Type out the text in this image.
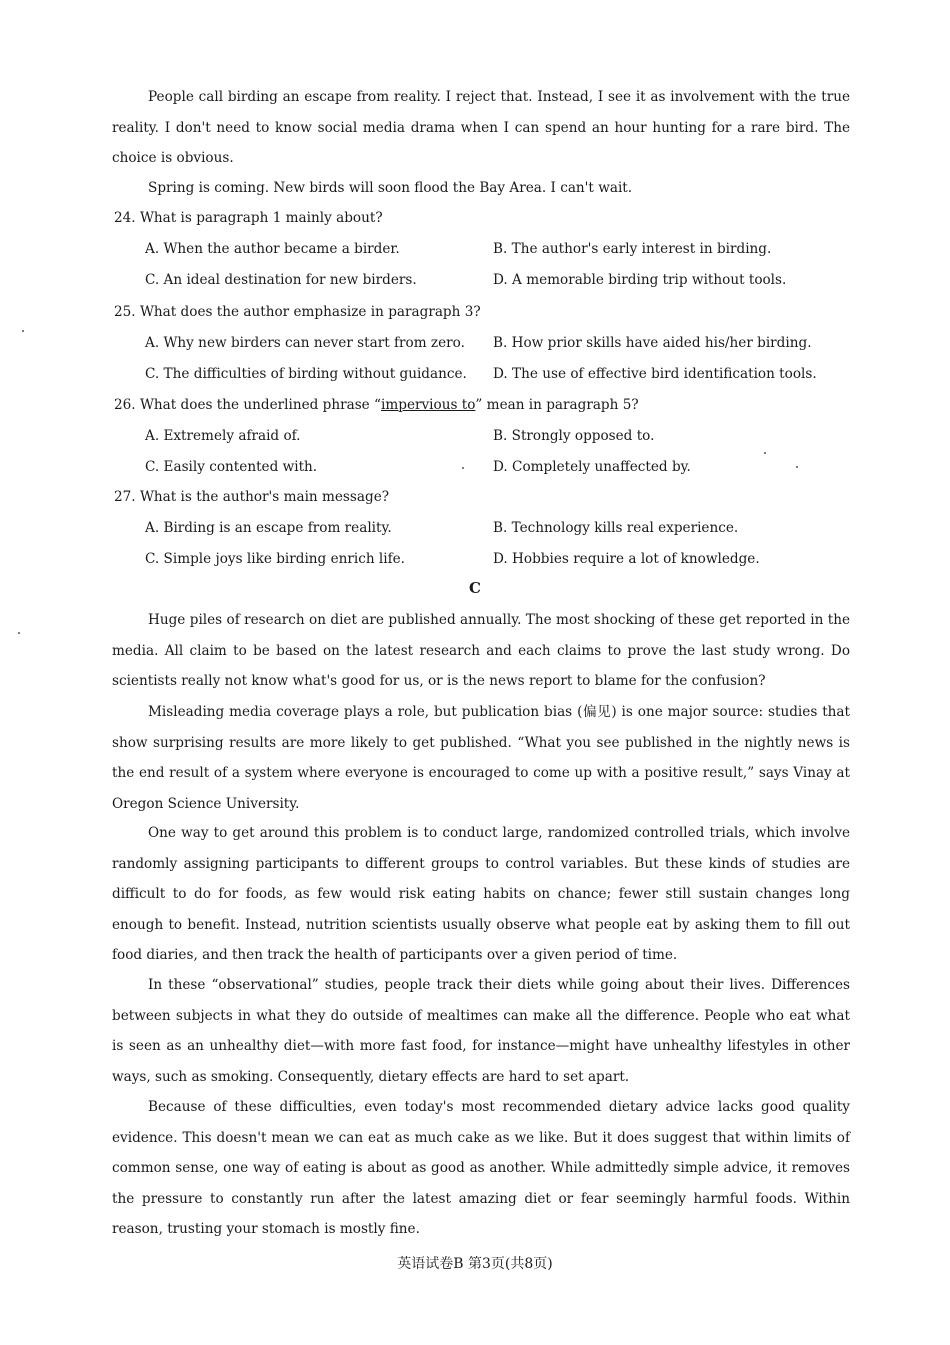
People call birding an escape from reality. I reject that. Instead, I see it as involvement with the true reality. I don't need to know social media drama when I can spend an hour hunting for a rare bird. The choice is obvious.
Spring is coming. New birds will soon flood the Bay Area. I can't wait.
24. What is paragraph 1 mainly about?
A. When the author became a birder.	B. The author's early interest in birding.
C. An ideal destination for new birders.	D. A memorable birding trip without tools.
25. What does the author emphasize in paragraph 3?
A. Why new birders can never start from zero. B. How prior skills have aided his/her birding.
C. The difficulties of birding without guidance. D. The use of effective bird identification tools.
26. What does the underlined phrase “impervious to” mean in paragraph 5?
A. Extremely afraid of.	B. Strongly opposed to.
C. Easily contented with.	D. Completely unaffected by.
27. What is the author's main message?
A. Birding is an escape from reality.	B. Technology kills real experience.
C. Simple joys like birding enrich life.	D. Hobbies require a lot of knowledge.
C
Huge piles of research on diet are published annually. The most shocking of these get reported in the media. All claim to be based on the latest research and each claims to prove the last study wrong. Do scientists really not know what's good for us, or is the news report to blame for the confusion?
Misleading media coverage plays a role, but publication bias (偏见) is one major source: studies that show surprising results are more likely to get published. “What you see published in the nightly news is the end result of a system where everyone is encouraged to come up with a positive result,” says Vinay at Oregon Science University.
One way to get around this problem is to conduct large, randomized controlled trials, which involve randomly assigning participants to different groups to control variables. But these kinds of studies are difficult to do for foods, as few would risk eating habits on chance; fewer still sustain changes long enough to benefit. Instead, nutrition scientists usually observe what people eat by asking them to fill out food diaries, and then track the health of participants over a given period of time.
In these “observational” studies, people track their diets while going about their lives. Differences between subjects in what they do outside of mealtimes can make all the difference. People who eat what is seen as an unhealthy diet—with more fast food, for instance—might have unhealthy lifestyles in other ways, such as smoking. Consequently, dietary effects are hard to set apart.
Because of these difficulties, even today's most recommended dietary advice lacks good quality evidence. This doesn't mean we can eat as much cake as we like. But it does suggest that within limits of common sense, one way of eating is about as good as another. While admittedly simple advice, it removes the pressure to constantly run after the latest amazing diet or fear seemingly harmful foods. Within reason, trusting your stomach is mostly fine.
英语试卷B 第3页(共8页)
